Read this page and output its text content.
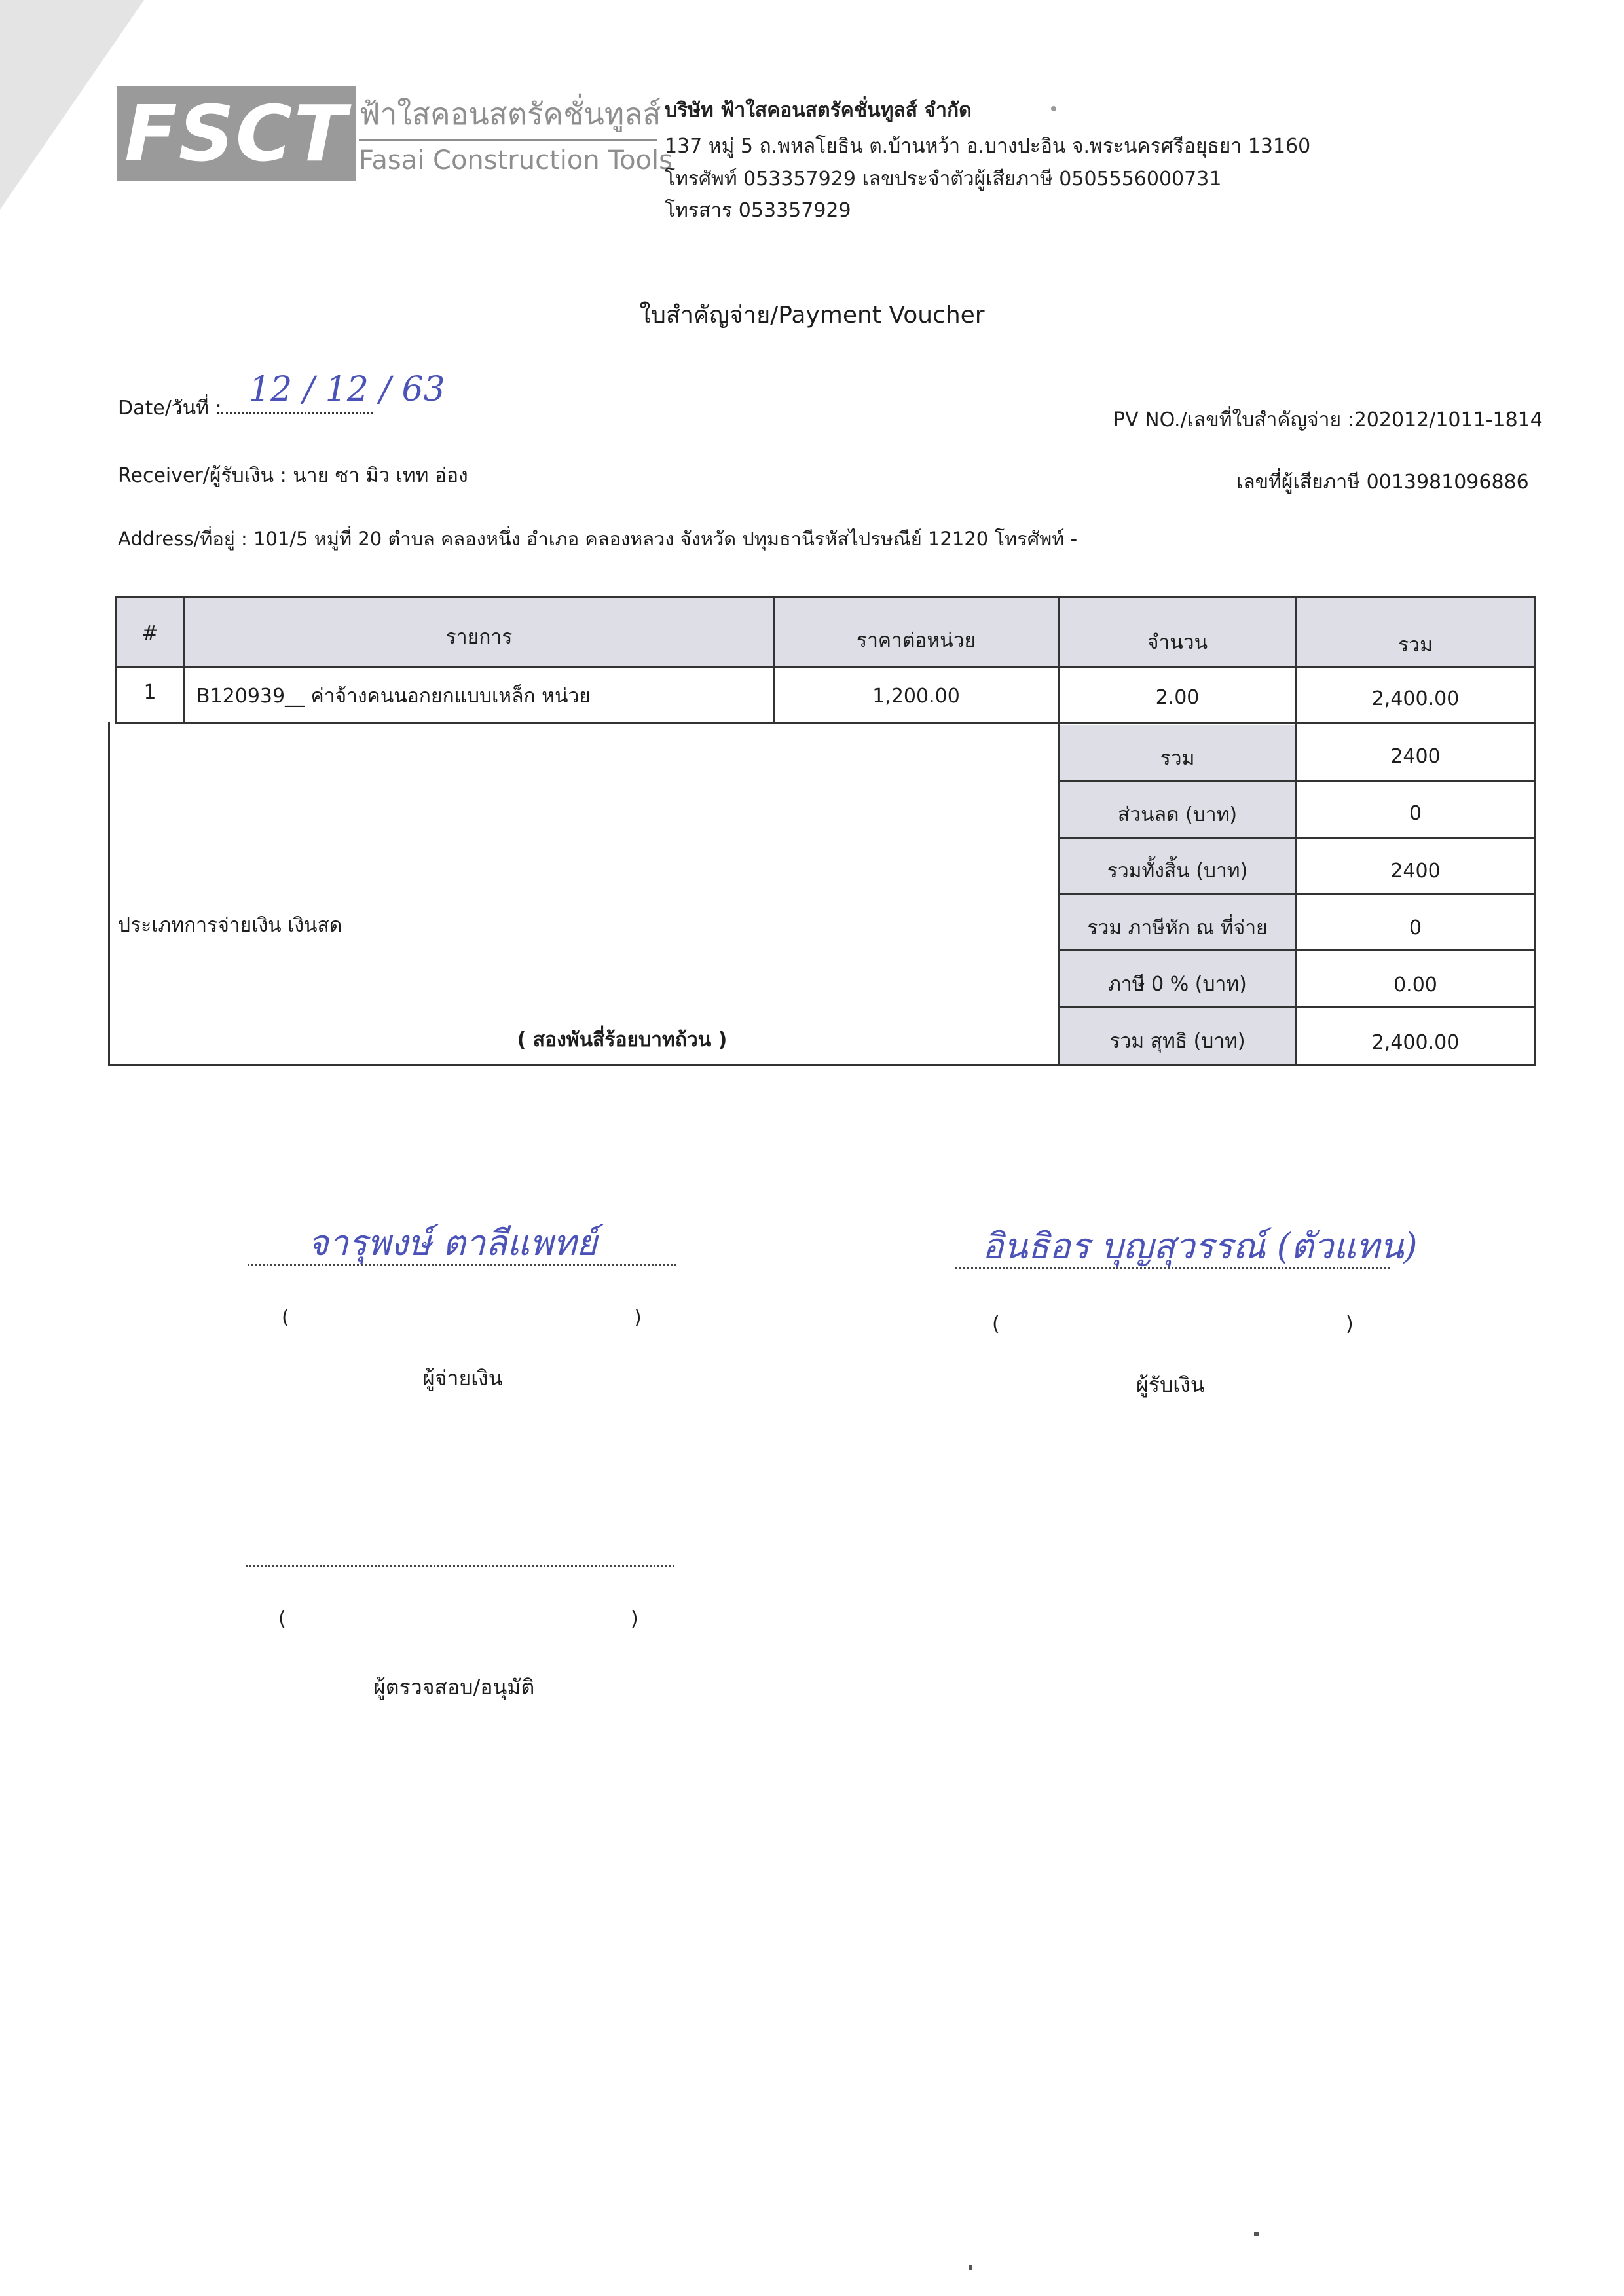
FSCT ฟ้าใสคอนสตรัคชั่นทูลส์
Fasai Construction Tools
บริษัท ฟ้าใสคอนสตรัคชั่นทูลส์ จำกัด
137 หมู่ 5 ถ.พหลโยธิน ต.บ้านหว้า อ.บางปะอิน จ.พระนครศรีอยุธยา 13160
โทรศัพท์ 053357929 เลขประจำตัวผู้เสียภาษี 0505556000731
โทรสาร 053357929
ใบสำคัญจ่าย/Payment Voucher
Date/วันที่ : 12 / 12 / 63
PV NO./เลขที่ใบสำคัญจ่าย :202012/1011-1814
Receiver/ผู้รับเงิน : นาย ซา มิว เทท อ่อง	เลขที่ผู้เสียภาษี 0013981096886
Address/ที่อยู่ : 101/5 หมู่ที่ 20 ตำบล คลองหนึ่ง อำเภอ คลองหลวง จังหวัด ปทุมธานีรหัสไปรษณีย์ 12120 โทรศัพท์ -
#	รายการ	ราคาต่อหน่วย	จำนวน	รวม
1	B120939__ ค่าจ้างคนนอกยกแบบเหล็ก หน่วย	1,200.00	2.00	2,400.00
รวม	2400
ส่วนลด (บาท)	0
รวมทั้งสิ้น (บาท)	2400
รวม ภาษีหัก ณ ที่จ่าย	0
ภาษี 0 % (บาท)	0.00
รวม สุทธิ (บาท)	2,400.00
ประเภทการจ่ายเงิน เงินสด
( สองพันสี่ร้อยบาทถ้วน )
จารุพงษ์ ตาลีแพทย์
(	)
ผู้จ่ายเงิน
อินธิอร บุญสุวรรณ์ (ตัวแทน)
(	)
ผู้รับเงิน
(	)
ผู้ตรวจสอบ/อนุมัติ
